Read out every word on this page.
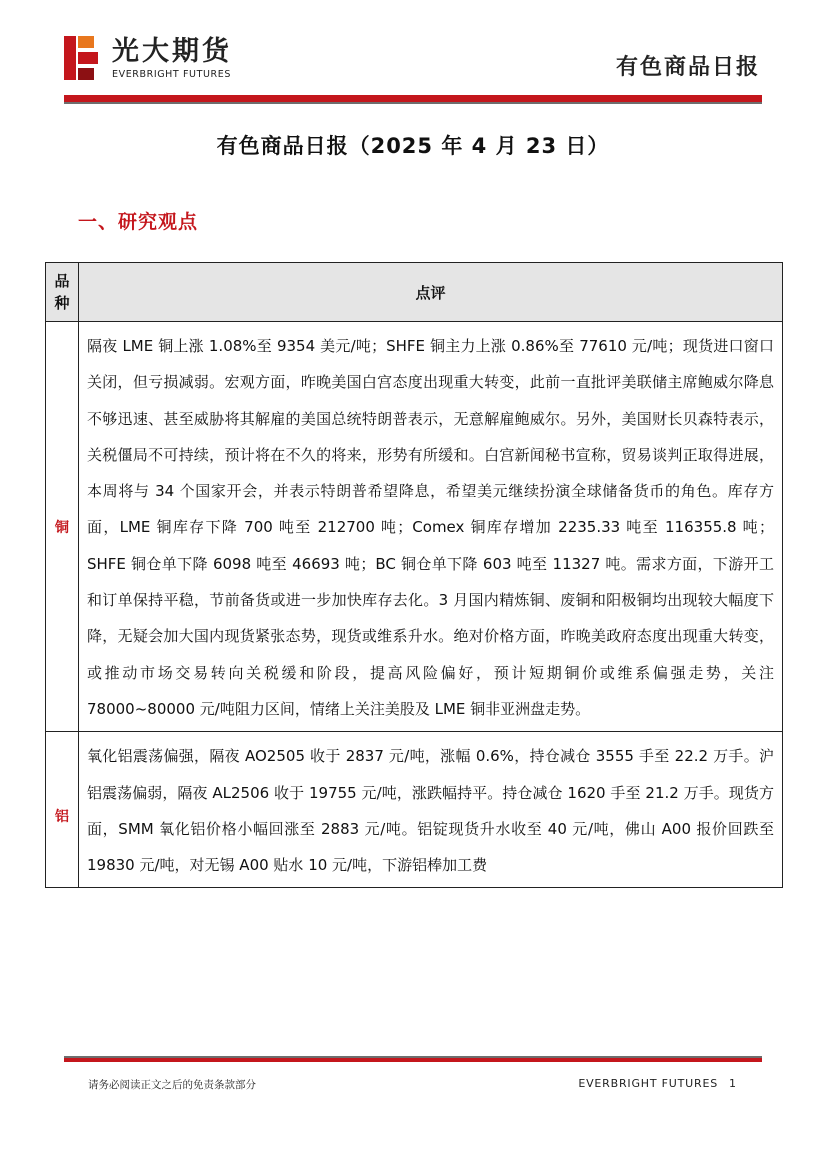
光大期货
EVERBRIGHT FUTURES	有色商品日报
有色商品日报（2025 年 4 月 23 日）
一、研究观点
品种	点评
铜	隔夜 LME 铜上涨 1.08%至 9354 美元/吨；SHFE 铜主力上涨 0.86%至 77610 元/吨；现货进口窗口关闭，但亏损减弱。宏观方面，昨晚美国白宫态度出现重大转变，此前一直批评美联储主席鲍威尔降息不够迅速、甚至威胁将其解雇的美国总统特朗普表示，无意解雇鲍威尔。另外，美国财长贝森特表示，关税僵局不可持续，预计将在不久的将来，形势有所缓和。白宫新闻秘书宣称，贸易谈判正取得进展，本周将与 34 个国家开会，并表示特朗普希望降息，希望美元继续扮演全球储备货币的角色。库存方面，LME 铜库存下降 700 吨至 212700 吨；Comex 铜库存增加 2235.33 吨至 116355.8 吨；SHFE 铜仓单下降 6098 吨至 46693 吨；BC 铜仓单下降 603 吨至 11327 吨。需求方面，下游开工和订单保持平稳，节前备货或进一步加快库存去化。3 月国内精炼铜、废铜和阳极铜均出现较大幅度下降，无疑会加大国内现货紧张态势，现货或维系升水。绝对价格方面，昨晚美政府态度出现重大转变，或推动市场交易转向关税缓和阶段，提高风险偏好，预计短期铜价或维系偏强走势，关注 78000~80000 元/吨阻力区间，情绪上关注美股及 LME 铜非亚洲盘走势。
铝	氧化铝震荡偏强，隔夜 AO2505 收于 2837 元/吨，涨幅 0.6%，持仓减仓 3555 手至 22.2 万手。沪铝震荡偏弱，隔夜 AL2506 收于 19755 元/吨，涨跌幅持平。持仓减仓 1620 手至 21.2 万手。现货方面，SMM 氧化铝价格小幅回涨至 2883 元/吨。铝锭现货升水收至 40 元/吨，佛山 A00 报价回跌至 19830 元/吨，对无锡 A00 贴水 10 元/吨，下游铝棒加工费
请务必阅读正文之后的免责条款部分	EVERBRIGHT FUTURES 1
